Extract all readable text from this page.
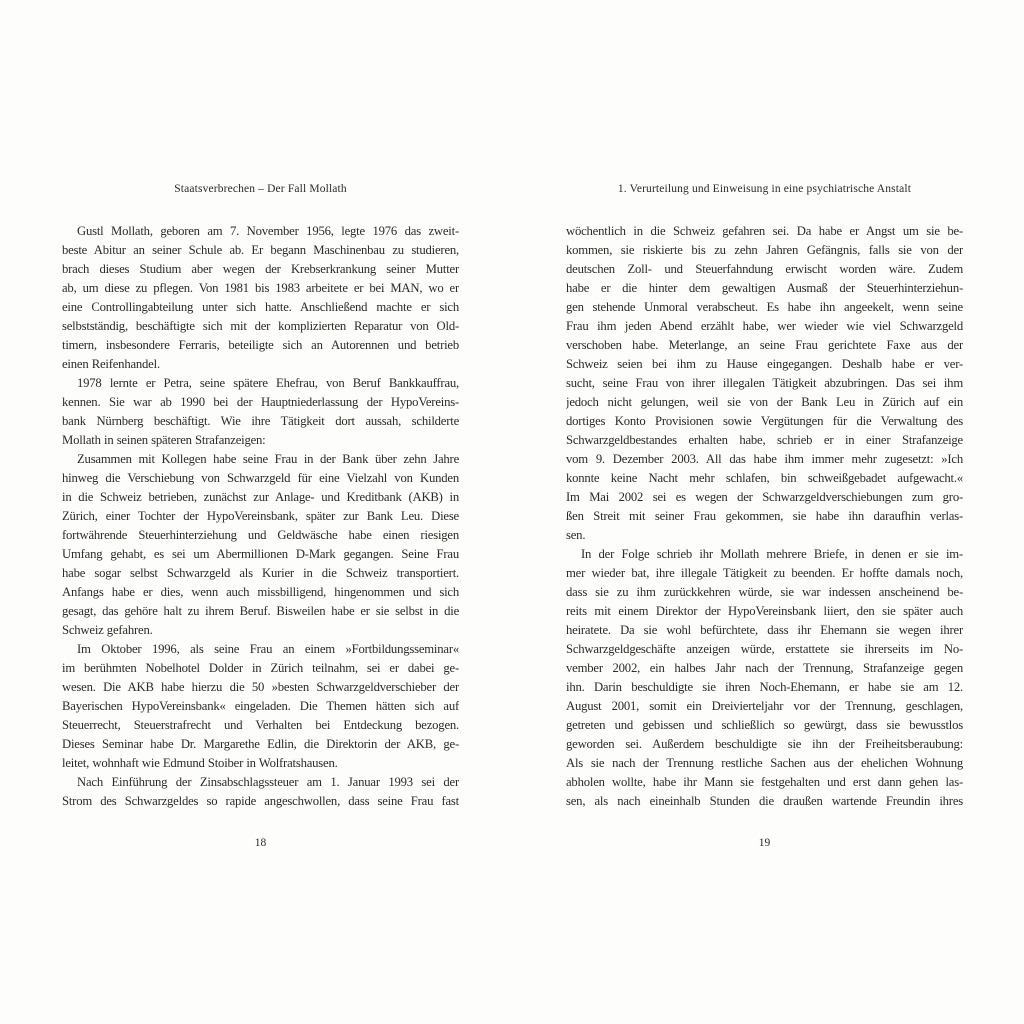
Staatsverbrechen – Der Fall Mollath
Gustl Mollath, geboren am 7. November 1956, legte 1976 das zweit-
beste Abitur an seiner Schule ab. Er begann Maschinenbau zu studieren,
brach dieses Studium aber wegen der Krebserkrankung seiner Mutter
ab, um diese zu pflegen. Von 1981 bis 1983 arbeitete er bei MAN, wo er
eine Controllingabteilung unter sich hatte. Anschließend machte er sich
selbstständig, beschäftigte sich mit der komplizierten Reparatur von Old-
timern, insbesondere Ferraris, beteiligte sich an Autorennen und betrieb
einen Reifenhandel.
1978 lernte er Petra, seine spätere Ehefrau, von Beruf Bankkauffrau,
kennen. Sie war ab 1990 bei der Hauptniederlassung der HypoVereins-
bank Nürnberg beschäftigt. Wie ihre Tätigkeit dort aussah, schilderte
Mollath in seinen späteren Strafanzeigen:
Zusammen mit Kollegen habe seine Frau in der Bank über zehn Jahre
hinweg die Verschiebung von Schwarzgeld für eine Vielzahl von Kunden
in die Schweiz betrieben, zunächst zur Anlage- und Kreditbank (AKB) in
Zürich, einer Tochter der HypoVereinsbank, später zur Bank Leu. Diese
fortwährende Steuerhinterziehung und Geldwäsche habe einen riesigen
Umfang gehabt, es sei um Abermillionen D-Mark gegangen. Seine Frau
habe sogar selbst Schwarzgeld als Kurier in die Schweiz transportiert.
Anfangs habe er dies, wenn auch missbilligend, hingenommen und sich
gesagt, das gehöre halt zu ihrem Beruf. Bisweilen habe er sie selbst in die
Schweiz gefahren.
Im Oktober 1996, als seine Frau an einem »Fortbildungsseminar«
im berühmten Nobelhotel Dolder in Zürich teilnahm, sei er dabei ge-
wesen. Die AKB habe hierzu die 50 »besten Schwarzgeldverschieber der
Bayerischen HypoVereinsbank« eingeladen. Die Themen hätten sich auf
Steuerrecht, Steuerstrafrecht und Verhalten bei Entdeckung bezogen.
Dieses Seminar habe Dr. Margarethe Edlin, die Direktorin der AKB, ge-
leitet, wohnhaft wie Edmund Stoiber in Wolfratshausen.
Nach Einführung der Zinsabschlagssteuer am 1. Januar 1993 sei der
Strom des Schwarzgeldes so rapide angeschwollen, dass seine Frau fast
18
1. Verurteilung und Einweisung in eine psychiatrische Anstalt
wöchentlich in die Schweiz gefahren sei. Da habe er Angst um sie be-
kommen, sie riskierte bis zu zehn Jahren Gefängnis, falls sie von der
deutschen Zoll- und Steuerfahndung erwischt worden wäre. Zudem
habe er die hinter dem gewaltigen Ausmaß der Steuerhinterziehun-
gen stehende Unmoral verabscheut. Es habe ihn angeekelt, wenn seine
Frau ihm jeden Abend erzählt habe, wer wieder wie viel Schwarzgeld
verschoben habe. Meterlange, an seine Frau gerichtete Faxe aus der
Schweiz seien bei ihm zu Hause eingegangen. Deshalb habe er ver-
sucht, seine Frau von ihrer illegalen Tätigkeit abzubringen. Das sei ihm
jedoch nicht gelungen, weil sie von der Bank Leu in Zürich auf ein
dortiges Konto Provisionen sowie Vergütungen für die Verwaltung des
Schwarzgeldbestandes erhalten habe, schrieb er in einer Strafanzeige
vom 9. Dezember 2003. All das habe ihm immer mehr zugesetzt: »Ich
konnte keine Nacht mehr schlafen, bin schweißgebadet aufgewacht.«
Im Mai 2002 sei es wegen der Schwarzgeldverschiebungen zum gro-
ßen Streit mit seiner Frau gekommen, sie habe ihn daraufhin verlas-
sen.
In der Folge schrieb ihr Mollath mehrere Briefe, in denen er sie im-
mer wieder bat, ihre illegale Tätigkeit zu beenden. Er hoffte damals noch,
dass sie zu ihm zurückkehren würde, sie war indessen anscheinend be-
reits mit einem Direktor der HypoVereinsbank liiert, den sie später auch
heiratete. Da sie wohl befürchtete, dass ihr Ehemann sie wegen ihrer
Schwarzgeldgeschäfte anzeigen würde, erstattete sie ihrerseits im No-
vember 2002, ein halbes Jahr nach der Trennung, Strafanzeige gegen
ihn. Darin beschuldigte sie ihren Noch-Ehemann, er habe sie am 12.
August 2001, somit ein Dreivierteljahr vor der Trennung, geschlagen,
getreten und gebissen und schließlich so gewürgt, dass sie bewusstlos
geworden sei. Außerdem beschuldigte sie ihn der Freiheitsberaubung:
Als sie nach der Trennung restliche Sachen aus der ehelichen Wohnung
abholen wollte, habe ihr Mann sie festgehalten und erst dann gehen las-
sen, als nach eineinhalb Stunden die draußen wartende Freundin ihres
19
